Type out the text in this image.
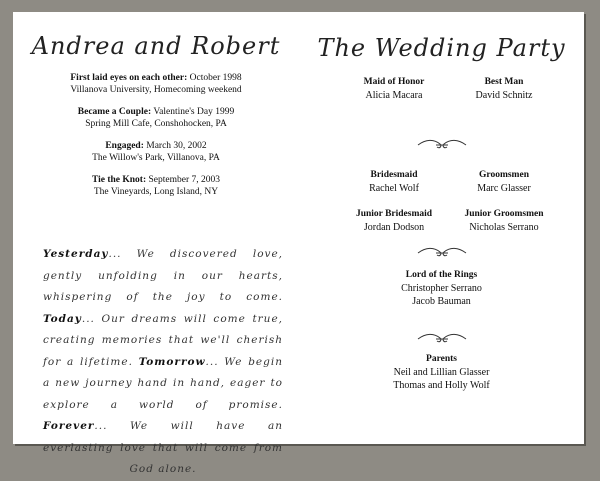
Andrea and Robert
First laid eyes on each other: October 1998
Villanova University, Homecoming weekend
Became a Couple: Valentine's Day 1999
Spring Mill Cafe, Conshohocken, PA
Engaged: March 30, 2002
The Willow's Park, Villanova, PA
Tie the Knot: September 7, 2003
The Vineyards, Long Island, NY
Yesterday... We discovered love, gently unfolding in our hearts, whispering of the joy to come. Today... Our dreams will come true, creating memories that we'll cherish for a lifetime. Tomorrow... We begin a new journey hand in hand, eager to explore a world of promise. Forever... We will have an everlasting love that will come from God alone.
The Wedding Party
Maid of Honor
Alicia Macara
Best Man
David Schnitz
Bridesmaid
Rachel Wolf
Groomsmen
Marc Glasser
Junior Bridesmaid
Jordan Dodson
Junior Groomsmen
Nicholas Serrano
Lord of the Rings
Christopher Serrano
Jacob Bauman
Parents
Neil and Lillian Glasser
Thomas and Holly Wolf
